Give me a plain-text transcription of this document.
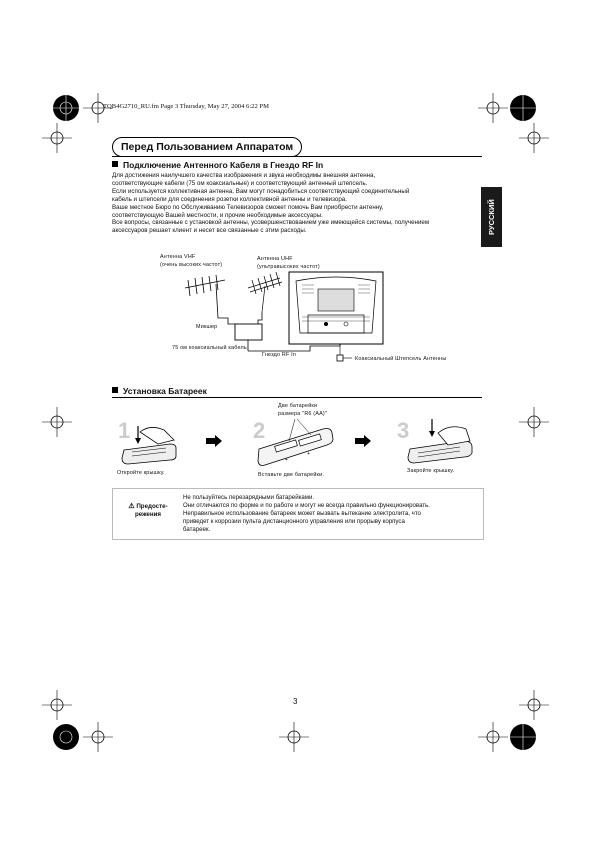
TQB4G2710_RU.fm Page 3 Thursday, May 27, 2004 6:22 PM
Перед Пользованием Аппаратом
РУССКИЙ
Подключение Антенного Кабеля в Гнездо RF In
Для достижения наилучшего качества изображения и звука необходимы внешняя антенна,
соответствующие кабели (75 ом коаксиальные) и соответствующий антенный штепсель.
Если используется коллективная антенна, Вам могут понадобиться соответствующий соединительный
кабель и штепсели для соединения розетки коллективной антенны и телевизора.
Ваше местное Бюро по Обслуживанию Телевизоров сможет помочь Вам приобрести антенну,
соответствующую Вашей местности, и прочие необходимые аксессуары.
Все вопросы, связанные с установкой антенны, усовершенствованием уже имеющейся системы, получением
аксессуаров решает клиент и несет все связанные с этим расходы.
Антенна VHF
(очень высоких частот)
Антенна UHF
(ультравысоких частот)
Микшер
75 ом коаксиальный кабель
Гнездо RF In
Коаксиальный Штепсель Антенны
Установка Батареек
Две батарейки
размера "R6 (AA)"
1
Откройте крышку.
2
+
+
Вставьте две батарейки.
3
Закройте крышку.
⚠ Предосте-
режения
Не пользуйтесь перезарядными батарейками.
Они отличаются по форме и по работе и могут не всегда правильно функционировать.
Неправильное использование батареек может вызвать вытекание электролита, что
приведет к коррозии пульта дистанционного управления или прорыву корпуса
батареек.
3
